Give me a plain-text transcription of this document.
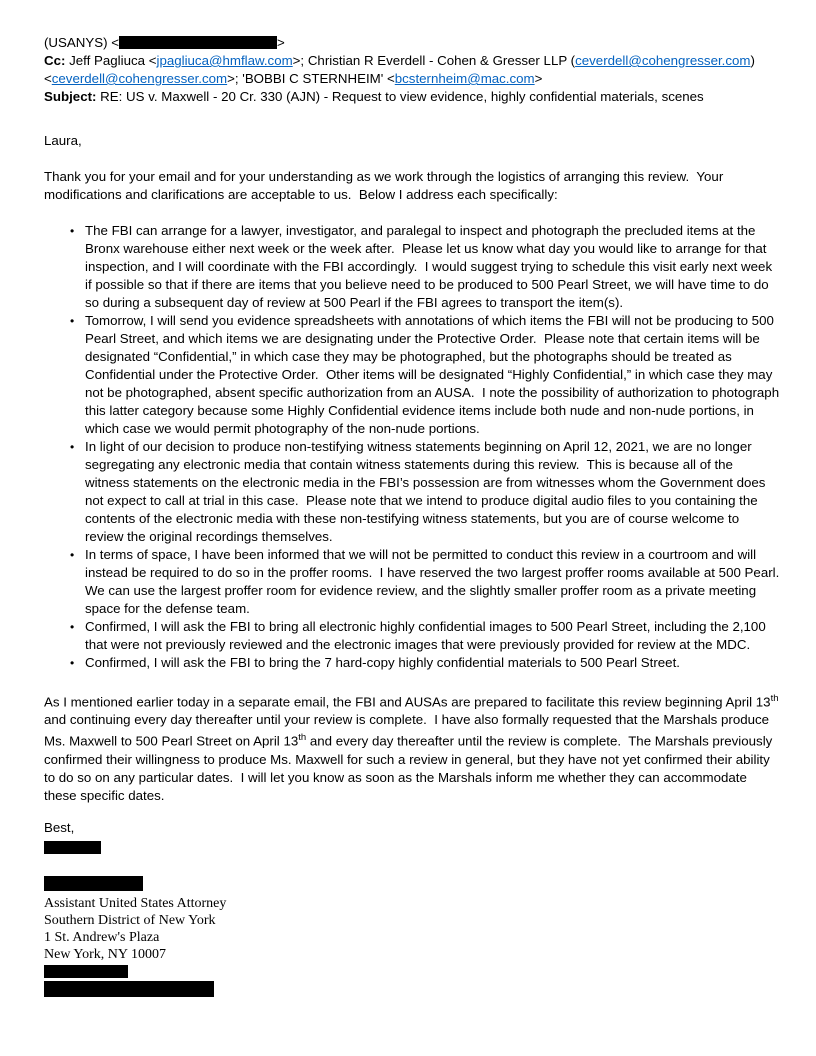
(USANYS) <	>

Cc: Jeff Pagliuca <jpagliuca@hmflaw.com>; Christian R Everdell - Cohen & Gresser LLP (ceverdell@cohengresser.com) <ceverdell@cohengresser.com>; 'BOBBI C STERNHEIM' <bcsternheim@mac.com>

Subject: RE: US v. Maxwell - 20 Cr. 330 (AJN) - Request to view evidence, highly confidential materials, scenes

Laura,

Thank you for your email and for your understanding as we work through the logistics of arranging this review.  Your modifications and clarifications are acceptable to us.  Below I address each specifically:

• The FBI can arrange for a lawyer, investigator, and paralegal to inspect and photograph the precluded items at the Bronx warehouse either next week or the week after.  Please let us know what day you would like to arrange for that inspection, and I will coordinate with the FBI accordingly.  I would suggest trying to schedule this visit early next week if possible so that if there are items that you believe need to be produced to 500 Pearl Street, we will have time to do so during a subsequent day of review at 500 Pearl if the FBI agrees to transport the item(s).
• Tomorrow, I will send you evidence spreadsheets with annotations of which items the FBI will not be producing to 500 Pearl Street, and which items we are designating under the Protective Order.  Please note that certain items will be designated “Confidential,” in which case they may be photographed, but the photographs should be treated as Confidential under the Protective Order.  Other items will be designated “Highly Confidential,” in which case they may not be photographed, absent specific authorization from an AUSA.  I note the possibility of authorization to photograph this latter category because some Highly Confidential evidence items include both nude and non-nude portions, in which case we would permit photography of the non-nude portions.
• In light of our decision to produce non-testifying witness statements beginning on April 12, 2021, we are no longer segregating any electronic media that contain witness statements during this review.  This is because all of the witness statements on the electronic media in the FBI’s possession are from witnesses whom the Government does not expect to call at trial in this case.  Please note that we intend to produce digital audio files to you containing the contents of the electronic media with these non-testifying witness statements, but you are of course welcome to review the original recordings themselves.
• In terms of space, I have been informed that we will not be permitted to conduct this review in a courtroom and will instead be required to do so in the proffer rooms.  I have reserved the two largest proffer rooms available at 500 Pearl.  We can use the largest proffer room for evidence review, and the slightly smaller proffer room as a private meeting space for the defense team.
• Confirmed, I will ask the FBI to bring all electronic highly confidential images to 500 Pearl Street, including the 2,100 that were not previously reviewed and the electronic images that were previously provided for review at the MDC.
• Confirmed, I will ask the FBI to bring the 7 hard-copy highly confidential materials to 500 Pearl Street.

As I mentioned earlier today in a separate email, the FBI and AUSAs are prepared to facilitate this review beginning April 13th and continuing every day thereafter until your review is complete.  I have also formally requested that the Marshals produce Ms. Maxwell to 500 Pearl Street on April 13th and every day thereafter until the review is complete.  The Marshals previously confirmed their willingness to produce Ms. Maxwell for such a review in general, but they have not yet confirmed their ability to do so on any particular dates.  I will let you know as soon as the Marshals inform me whether they can accommodate these specific dates.

Best,

Assistant United States Attorney

Southern District of New York

1 St. Andrew's Plaza

New York, NY 10007
